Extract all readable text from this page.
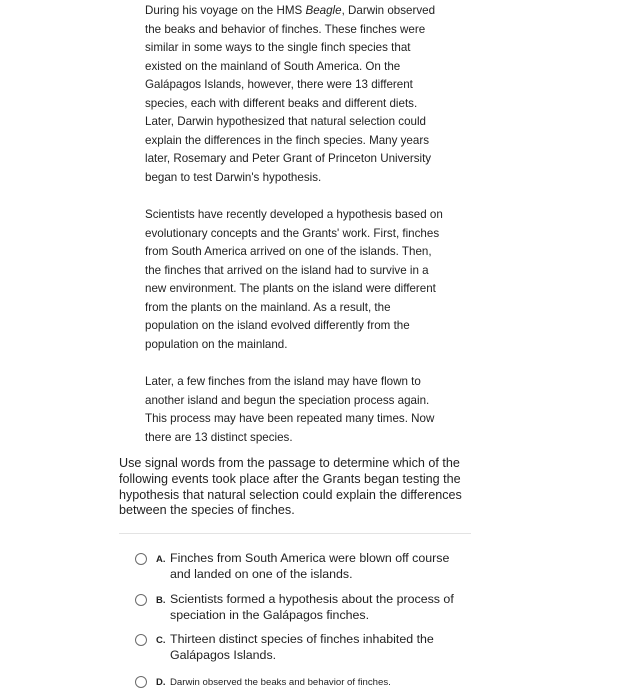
During his voyage on the HMS Beagle, Darwin observed the beaks and behavior of finches. These finches were similar in some ways to the single finch species that existed on the mainland of South America. On the Galápagos Islands, however, there were 13 different species, each with different beaks and different diets. Later, Darwin hypothesized that natural selection could explain the differences in the finch species. Many years later, Rosemary and Peter Grant of Princeton University began to test Darwin's hypothesis.

Scientists have recently developed a hypothesis based on evolutionary concepts and the Grants' work. First, finches from South America arrived on one of the islands. Then, the finches that arrived on the island had to survive in a new environment. The plants on the island were different from the plants on the mainland. As a result, the population on the island evolved differently from the population on the mainland.

Later, a few finches from the island may have flown to another island and begun the speciation process again. This process may have been repeated many times. Now there are 13 distinct species.

Use signal words from the passage to determine which of the following events took place after the Grants began testing the hypothesis that natural selection could explain the differences between the species of finches.
A. Finches from South America were blown off course and landed on one of the islands.
B. Scientists formed a hypothesis about the process of speciation in the Galápagos finches.
C. Thirteen distinct species of finches inhabited the Galápagos Islands.
D. Darwin observed the beaks and behavior of finches.
